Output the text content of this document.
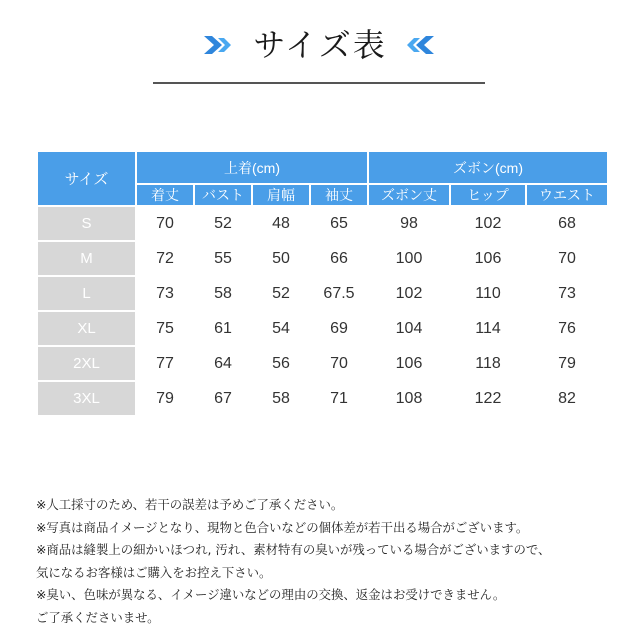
サイズ表
サイズ	上着(cm)				ズボン(cm)		
	着丈	バスト	肩幅	袖丈	ズボン丈	ヒップ	ウエスト
S	70	52	48	65	98	102	68
M	72	55	50	66	100	106	70
L	73	58	52	67.5	102	110	73
XL	75	61	54	69	104	114	76
2XL	77	64	56	70	106	118	79
3XL	79	67	58	71	108	122	82
※人工採寸のため、若干の誤差は予めご了承ください。
※写真は商品イメージとなり、現物と色合いなどの個体差が若干出る場合がございます。
※商品は縫製上の細かいほつれ, 汚れ、素材特有の臭いが残っている場合がございますので、
気になるお客様はご購入をお控え下さい。
※臭い、色味が異なる、イメージ違いなどの理由の交換、返金はお受けできません。
ご了承くださいませ。
